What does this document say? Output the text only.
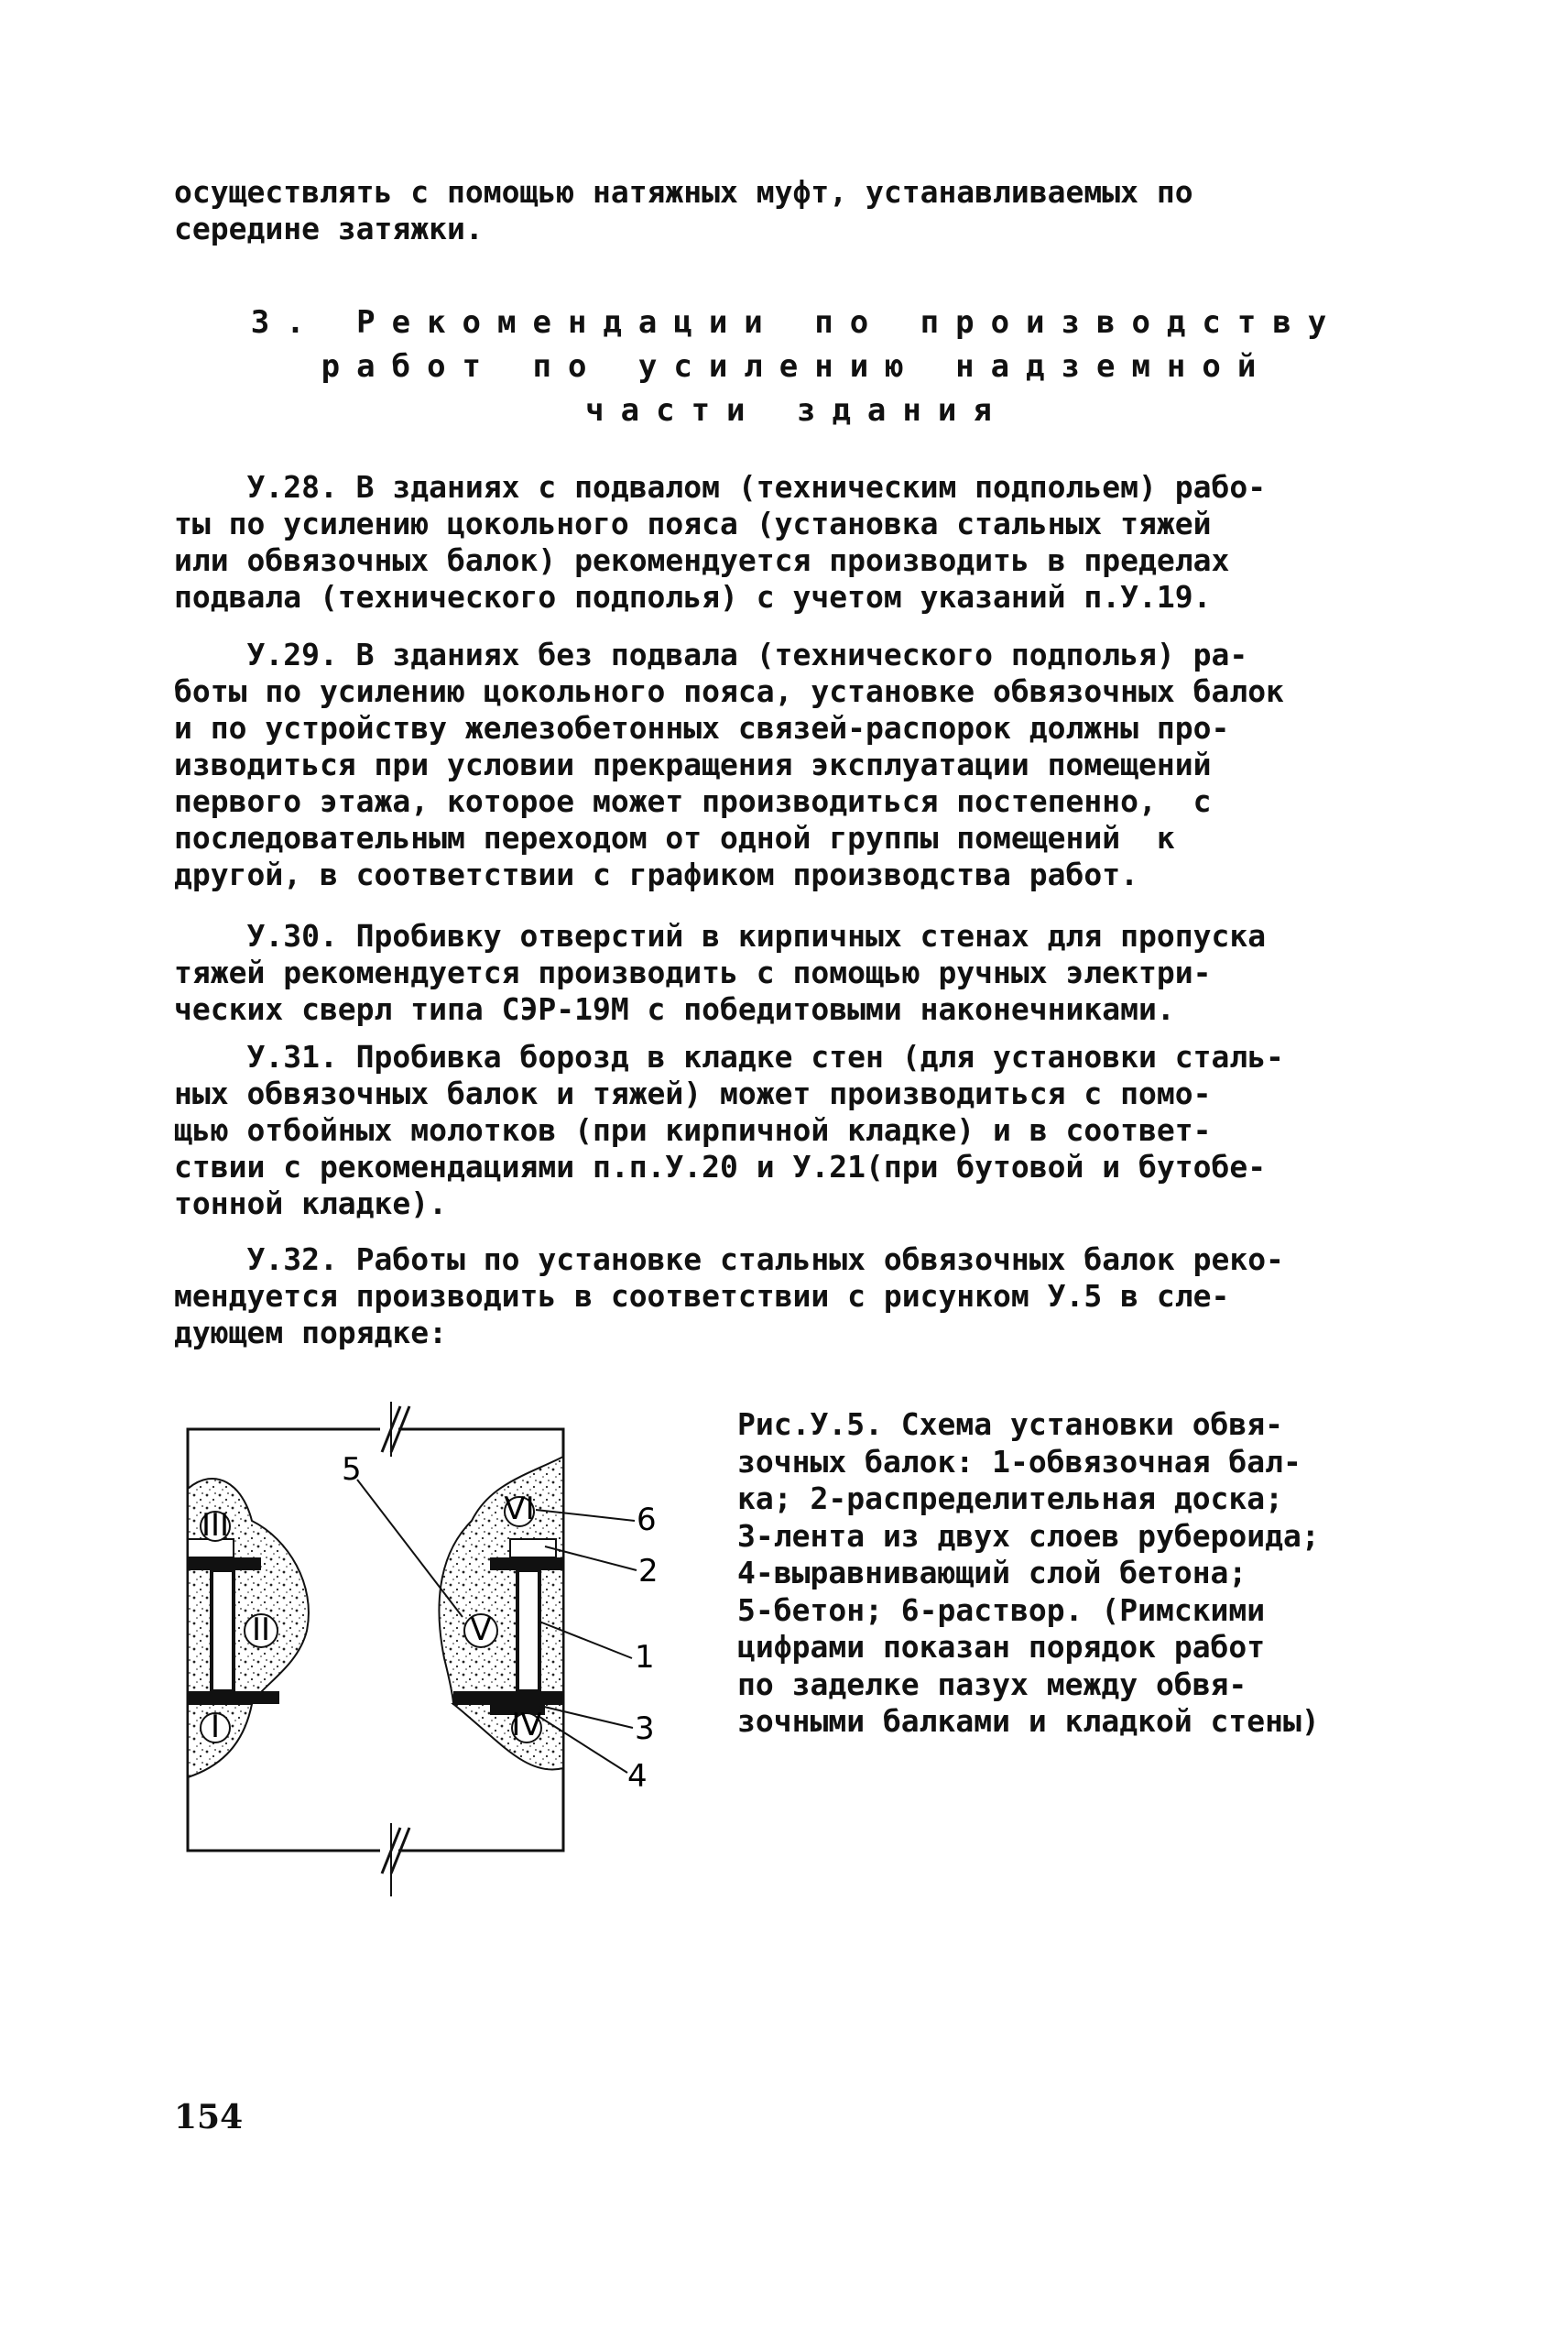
осуществлять с помощью натяжных муфт, устанавливаемых по
середине затяжки.
3. Рекомендации по производству
работ по усилению надземной
части здания
У.28. В зданиях с подвалом (техническим подпольем) рабо-
ты по усилению цокольного пояса (установка стальных тяжей
или обвязочных балок) рекомендуется производить в пределах
подвала (технического подполья) с учетом указаний п.У.19.
У.29. В зданиях без подвала (технического подполья) ра-
боты по усилению цокольного пояса, установке обвязочных балок
и по устройству железобетонных связей-распорок должны про-
изводиться при условии прекращения эксплуатации помещений
первого этажа, которое может производиться постепенно,  с
последовательным переходом от одной группы помещений  к
другой, в соответствии с графиком производства работ.
У.30. Пробивку отверстий в кирпичных стенах для пропуска
тяжей рекомендуется производить с помощью ручных электри-
ческих сверл типа СЭР-19М с победитовыми наконечниками.
У.31. Пробивка борозд в кладке стен (для установки сталь-
ных обвязочных балок и тяжей) может производиться с помо-
щью отбойных молотков (при кирпичной кладке) и в соответ-
ствии с рекомендациями п.п.У.20 и У.21(при бутовой и бутобе-
тонной кладке).
У.32. Работы по установке стальных обвязочных балок реко-
мендуется производить в соответствии с рисунком У.5 в сле-
дующем порядке:
III
II
I
VI
V
IV
5
6
2
1
3
4
Рис.У.5. Схема установки обвя-
зочных балок: 1-обвязочная бал-
ка; 2-распределительная доска;
3-лента из двух слоев рубероида;
4-выравнивающий слой бетона;
5-бетон; 6-раствор. (Римскими
цифрами показан порядок работ
по заделке пазух между обвя-
зочными балками и кладкой стены)
154
